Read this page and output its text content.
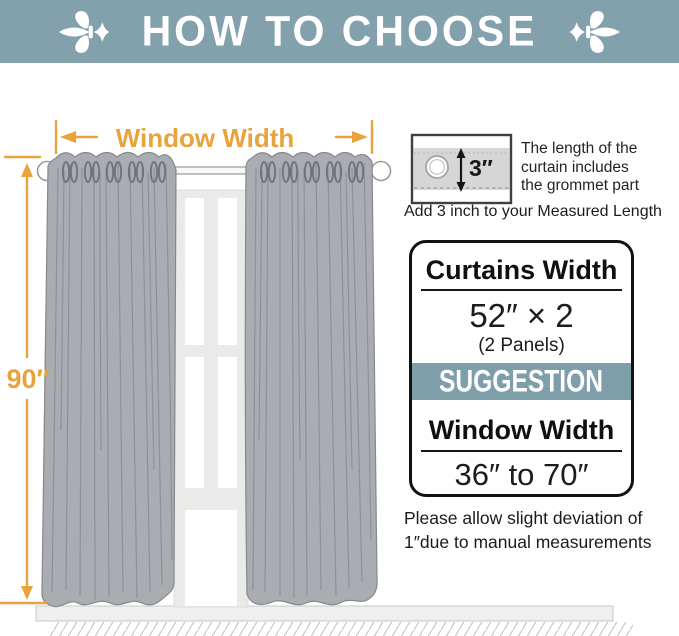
HOW TO CHOOSE
Window Width
90″
3″
The length of the
curtain includes
the grommet part
Add 3 inch to your Measured Length
Curtains Width
52″ × 2
(2 Panels)
SUGGESTION
Window Width
36″ to 70″
Please allow slight deviation of
1″due to manual measurements
